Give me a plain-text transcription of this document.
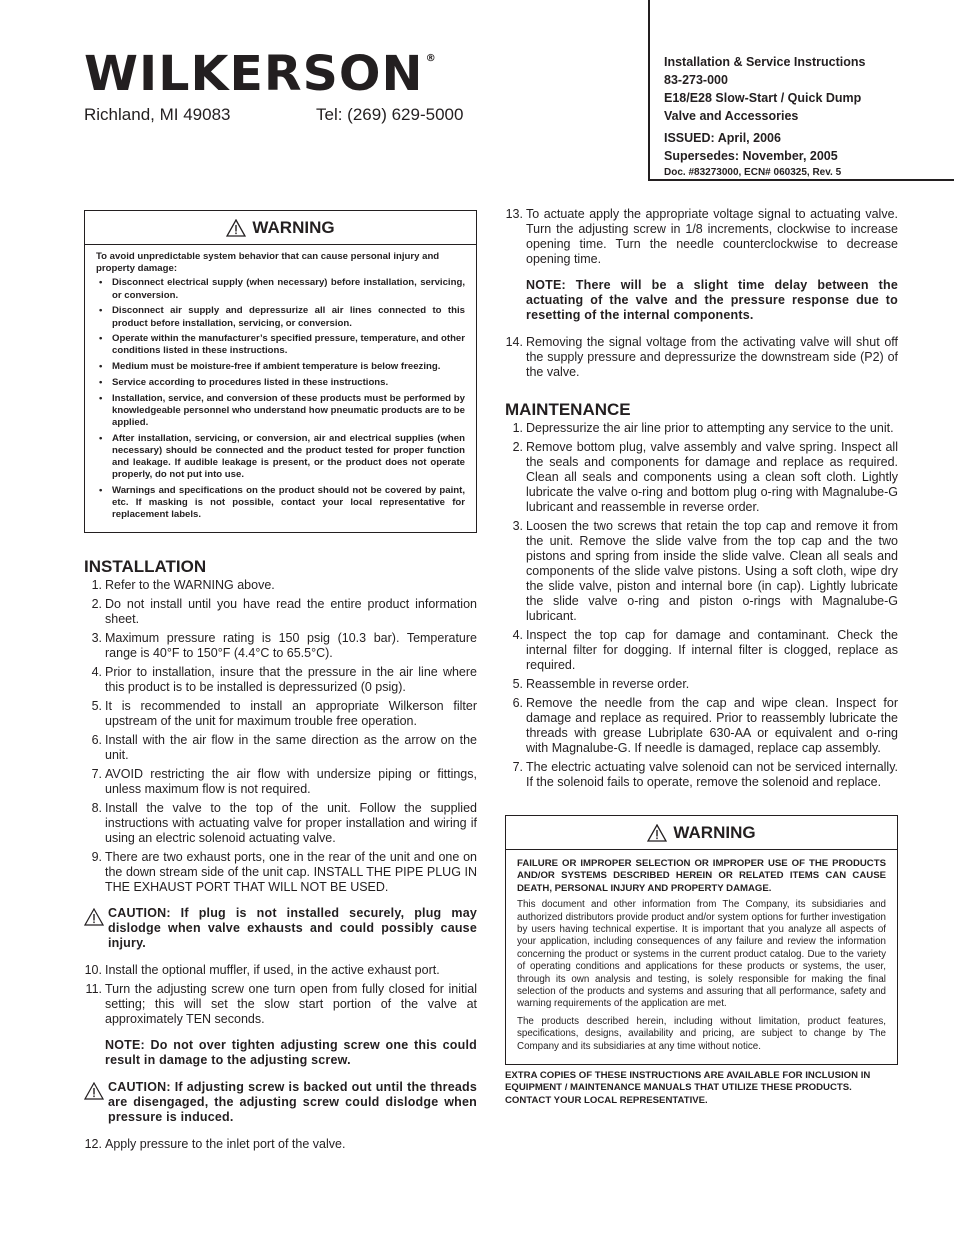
WILKERSON ®
Richland, MI 49083	Tel: (269) 629-5000
Installation & Service Instructions
83-273-000
E18/E28 Slow-Start / Quick Dump
Valve and Accessories
ISSUED: April, 2006
Supersedes: November, 2005
Doc. #83273000, ECN# 060325, Rev. 5
WARNING
To avoid unpredictable system behavior that can cause personal injury and property damage:
• Disconnect electrical supply (when necessary) before installation, servicing, or conversion.
• Disconnect air supply and depressurize all air lines connected to this product before installation, servicing, or conversion.
• Operate within the manufacturer’s specified pressure, temperature, and other conditions listed in these instructions.
• Medium must be moisture-free if ambient temperature is below freezing.
• Service according to procedures listed in these instructions.
• Installation, service, and conversion of these products must be performed by knowledgeable personnel who understand how pneumatic products are to be applied.
• After installation, servicing, or conversion, air and electrical supplies (when necessary) should be connected and the product tested for proper function and leakage. If audible leakage is present, or the product does not operate properly, do not put into use.
• Warnings and specifications on the product should not be covered by paint, etc. If masking is not possible, contact your local representative for replacement labels.
INSTALLATION
1. Refer to the WARNING above.
2. Do not install until you have read the entire product information sheet.
3. Maximum pressure rating is 150 psig (10.3 bar). Temperature range is 40°F to 150°F (4.4°C to 65.5°C).
4. Prior to installation, insure that the pressure in the air line where this product is to be installed is depressurized (0 psig).
5. It is recommended to install an appropriate Wilkerson filter upstream of the unit for maximum trouble free operation.
6. Install with the air flow in the same direction as the arrow on the unit.
7. AVOID restricting the air flow with undersize piping or fittings, unless maximum flow is not required.
8. Install the valve to the top of the unit. Follow the supplied instructions with actuating valve for proper installation and wiring if using an electric solenoid actuating valve.
9. There are two exhaust ports, one in the rear of the unit and one on the down stream side of the unit cap. INSTALL THE PIPE PLUG IN THE EXHAUST PORT THAT WILL NOT BE USED.
CAUTION: If plug is not installed securely, plug may dislodge when valve exhausts and could possibly cause injury.
10. Install the optional muffler, if used, in the active exhaust port.
11. Turn the adjusting screw one turn open from fully closed for initial setting; this will set the slow start portion of the valve at approximately TEN seconds.
NOTE: Do not over tighten adjusting screw one this could result in damage to the adjusting screw.
CAUTION: If adjusting screw is backed out until the threads are disengaged, the adjusting screw could dislodge when pressure is induced.
12. Apply pressure to the inlet port of the valve.
13. To actuate apply the appropriate voltage signal to actuating valve. Turn the adjusting screw in 1/8 increments, clockwise to increase opening time. Turn the needle counterclockwise to decrease opening time.
NOTE: There will be a slight time delay between the actuating of the valve and the pressure response due to resetting of the internal components.
14. Removing the signal voltage from the activating valve will shut off the supply pressure and depressurize the downstream side (P2) of the valve.
MAINTENANCE
1. Depressurize the air line prior to attempting any service to the unit.
2. Remove bottom plug, valve assembly and valve spring. Inspect all the seals and components for damage and replace as required. Clean all seals and components using a clean soft cloth. Lightly lubricate the valve o-ring and bottom plug o-ring with Magnalube-G lubricant and reassemble in reverse order.
3. Loosen the two screws that retain the top cap and remove it from the unit. Remove the slide valve from the top cap and the two pistons and spring from inside the slide valve. Clean all seals and components of the slide valve pistons. Using a soft cloth, wipe dry the slide valve, piston and internal bore (in cap). Lightly lubricate the slide valve o-ring and piston o-rings with Magnalube-G lubricant.
4. Inspect the top cap for damage and contaminant. Check the internal filter for dogging. If internal filter is clogged, replace as required.
5. Reassemble in reverse order.
6. Remove the needle from the cap and wipe clean. Inspect for damage and replace as required. Prior to reassembly lubricate the threads with grease Lubriplate 630-AA or equivalent and o-ring with Magnalube-G. If needle is damaged, replace cap assembly.
7. The electric actuating valve solenoid can not be serviced internally. If the solenoid fails to operate, remove the solenoid and replace.
WARNING
FAILURE OR IMPROPER SELECTION OR IMPROPER USE OF THE PRODUCTS AND/OR SYSTEMS DESCRIBED HEREIN OR RELATED ITEMS CAN CAUSE DEATH, PERSONAL INJURY AND PROPERTY DAMAGE.
This document and other information from The Company, its subsidiaries and authorized distributors provide product and/or system options for further investigation by users having technical expertise. It is important that you analyze all aspects of your application, including consequences of any failure and review the information concerning the product or systems in the current product catalog. Due to the variety of operating conditions and applications for these products or systems, the user, through its own analysis and testing, is solely responsible for making the final selection of the products and systems and assuring that all performance, safety and warning requirements of the application are met.
The products described herein, including without limitation, product features, specifications, designs, availability and pricing, are subject to change by The Company and its subsidiaries at any time without notice.
EXTRA COPIES OF THESE INSTRUCTIONS ARE AVAILABLE FOR INCLUSION IN EQUIPMENT / MAINTENANCE MANUALS THAT UTILIZE THESE PRODUCTS. CONTACT YOUR LOCAL REPRESENTATIVE.
